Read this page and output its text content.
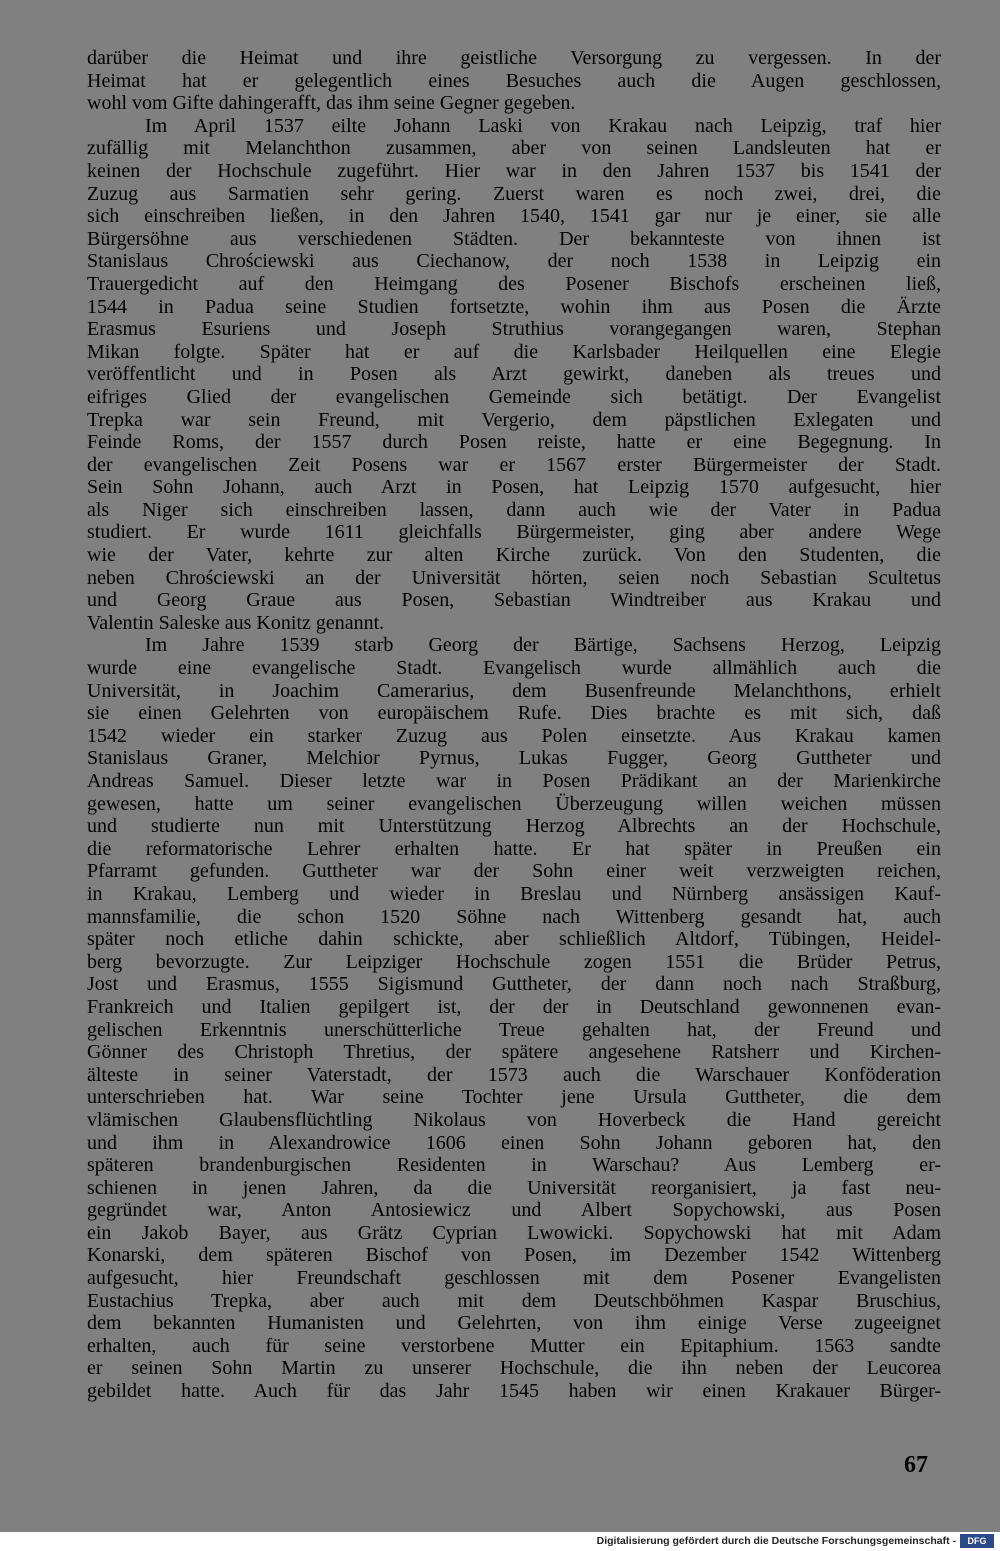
darüber die Heimat und ihre geistliche Versorgung zu vergessen. In der
Heimat hat er gelegentlich eines Besuches auch die Augen geschlossen,
wohl vom Gifte dahingerafft, das ihm seine Gegner gegeben.
Im April 1537 eilte Johann Laski von Krakau nach Leipzig, traf hier
zufällig mit Melanchthon zusammen, aber von seinen Landsleuten hat er
keinen der Hochschule zugeführt. Hier war in den Jahren 1537 bis 1541 der
Zuzug aus Sarmatien sehr gering. Zuerst waren es noch zwei, drei, die
sich einschreiben ließen, in den Jahren 1540, 1541 gar nur je einer, sie alle
Bürgersöhne aus verschiedenen Städten. Der bekannteste von ihnen ist
Stanislaus Chrościewski aus Ciechanow, der noch 1538 in Leipzig ein
Trauergedicht auf den Heimgang des Posener Bischofs erscheinen ließ,
1544 in Padua seine Studien fortsetzte, wohin ihm aus Posen die Ärzte
Erasmus Esuriens und Joseph Struthius vorangegangen waren, Stephan
Mikan folgte. Später hat er auf die Karlsbader Heilquellen eine Elegie
veröffentlicht und in Posen als Arzt gewirkt, daneben als treues und
eifriges Glied der evangelischen Gemeinde sich betätigt. Der Evangelist
Trepka war sein Freund, mit Vergerio, dem päpstlichen Exlegaten und
Feinde Roms, der 1557 durch Posen reiste, hatte er eine Begegnung. In
der evangelischen Zeit Posens war er 1567 erster Bürgermeister der Stadt.
Sein Sohn Johann, auch Arzt in Posen, hat Leipzig 1570 aufgesucht, hier
als Niger sich einschreiben lassen, dann auch wie der Vater in Padua
studiert. Er wurde 1611 gleichfalls Bürgermeister, ging aber andere Wege
wie der Vater, kehrte zur alten Kirche zurück. Von den Studenten, die
neben Chrościewski an der Universität hörten, seien noch Sebastian Scultetus
und Georg Graue aus Posen, Sebastian Windtreiber aus Krakau und
Valentin Saleske aus Konitz genannt.
Im Jahre 1539 starb Georg der Bärtige, Sachsens Herzog, Leipzig
wurde eine evangelische Stadt. Evangelisch wurde allmählich auch die
Universität, in Joachim Camerarius, dem Busenfreunde Melanchthons, erhielt
sie einen Gelehrten von europäischem Rufe. Dies brachte es mit sich, daß
1542 wieder ein starker Zuzug aus Polen einsetzte. Aus Krakau kamen
Stanislaus Graner, Melchior Pyrnus, Lukas Fugger, Georg Guttheter und
Andreas Samuel. Dieser letzte war in Posen Prädikant an der Marienkirche
gewesen, hatte um seiner evangelischen Überzeugung willen weichen müssen
und studierte nun mit Unterstützung Herzog Albrechts an der Hochschule,
die reformatorische Lehrer erhalten hatte. Er hat später in Preußen ein
Pfarramt gefunden. Guttheter war der Sohn einer weit verzweigten reichen,
in Krakau, Lemberg und wieder in Breslau und Nürnberg ansässigen Kauf-
mannsfamilie, die schon 1520 Söhne nach Wittenberg gesandt hat, auch
später noch etliche dahin schickte, aber schließlich Altdorf, Tübingen, Heidel-
berg bevorzugte. Zur Leipziger Hochschule zogen 1551 die Brüder Petrus,
Jost und Erasmus, 1555 Sigismund Guttheter, der dann noch nach Straßburg,
Frankreich und Italien gepilgert ist, der der in Deutschland gewonnenen evan-
gelischen Erkenntnis unerschütterliche Treue gehalten hat, der Freund und
Gönner des Christoph Thretius, der spätere angesehene Ratsherr und Kirchen-
älteste in seiner Vaterstadt, der 1573 auch die Warschauer Konföderation
unterschrieben hat. War seine Tochter jene Ursula Guttheter, die dem
vlämischen Glaubensflüchtling Nikolaus von Hoverbeck die Hand gereicht
und ihm in Alexandrowice 1606 einen Sohn Johann geboren hat, den
späteren brandenburgischen Residenten in Warschau? Aus Lemberg er-
schienen in jenen Jahren, da die Universität reorganisiert, ja fast neu-
gegründet war, Anton Antosiewicz und Albert Sopychowski, aus Posen
ein Jakob Bayer, aus Grätz Cyprian Lwowicki. Sopychowski hat mit Adam
Konarski, dem späteren Bischof von Posen, im Dezember 1542 Wittenberg
aufgesucht, hier Freundschaft geschlossen mit dem Posener Evangelisten
Eustachius Trepka, aber auch mit dem Deutschböhmen Kaspar Bruschius,
dem bekannten Humanisten und Gelehrten, von ihm einige Verse zugeeignet
erhalten, auch für seine verstorbene Mutter ein Epitaphium. 1563 sandte
er seinen Sohn Martin zu unserer Hochschule, die ihn neben der Leucorea
gebildet hatte. Auch für das Jahr 1545 haben wir einen Krakauer Bürger-
67
Digitalisierung gefördert durch die Deutsche Forschungsgemeinschaft -	DFG
